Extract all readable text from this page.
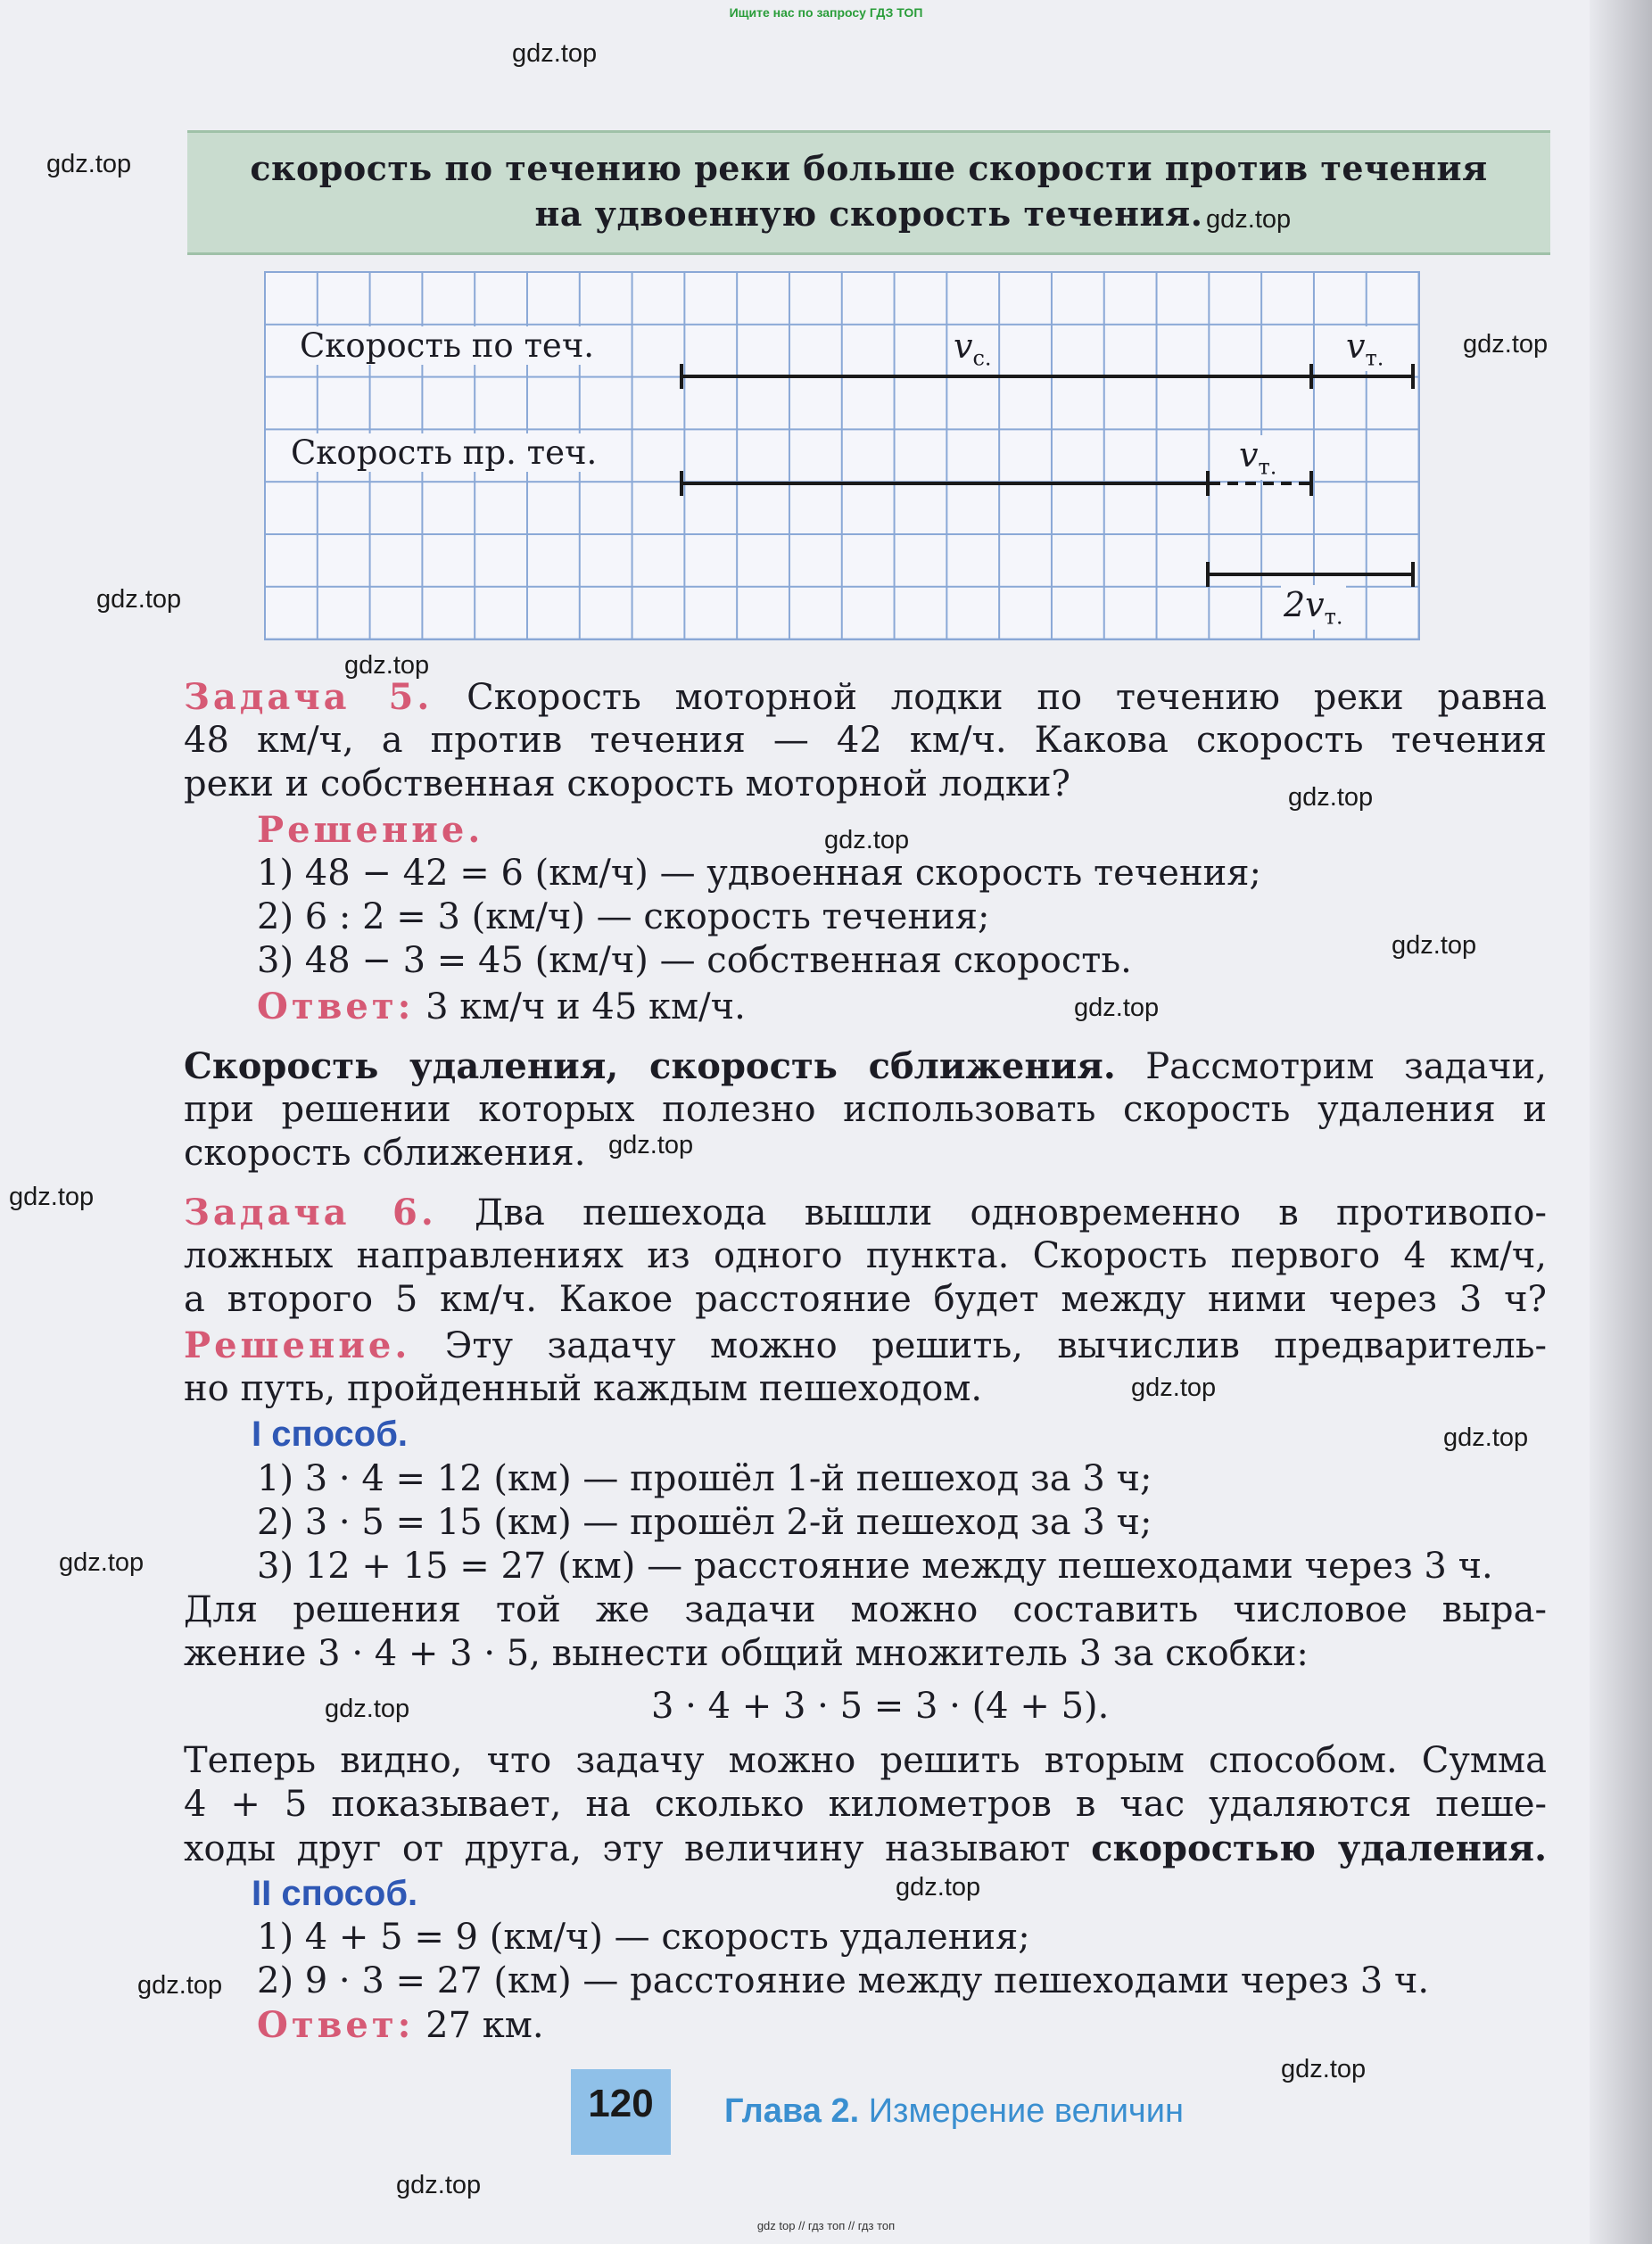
Ищите нас по запросу ГДЗ ТОП
скорость по течению реки больше скорости против течения
на удвоенную скорость течения.
Скорость по теч.
Скорость пр. теч.
$v_{с.}$	$v_{т.}$
$v_{т.}$
$2v_{т.}$
Задача 5. Скорость моторной лодки по течению реки равна
48 км/ч, а против течения — 42 км/ч. Какова скорость течения
реки и собственная скорость моторной лодки?
Решение.
1) 48 − 42 = 6 (км/ч) — удвоенная скорость течения;
2) 6 : 2 = 3 (км/ч) — скорость течения;
3) 48 − 3 = 45 (км/ч) — собственная скорость.
Ответ: 3 км/ч и 45 км/ч.
Скорость удаления, скорость сближения. Рассмотрим задачи,
при решении которых полезно использовать скорость удаления и
скорость сближения.
Задача 6. Два пешехода вышли одновременно в противопо-
ложных направлениях из одного пункта. Скорость первого 4 км/ч,
а второго 5 км/ч. Какое расстояние будет между ними через 3 ч?
Решение. Эту задачу можно решить, вычислив предваритель-
но путь, пройденный каждым пешеходом.
I способ.
1) 3 · 4 = 12 (км) — прошёл 1-й пешеход за 3 ч;
2) 3 · 5 = 15 (км) — прошёл 2-й пешеход за 3 ч;
3) 12 + 15 = 27 (км) — расстояние между пешеходами через 3 ч.
Для решения той же задачи можно составить числовое выра-
жение 3 · 4 + 3 · 5, вынести общий множитель 3 за скобки:
3 · 4 + 3 · 5 = 3 · (4 + 5).
Теперь видно, что задачу можно решить вторым способом. Сумма
4 + 5 показывает, на сколько километров в час удаляются пеше-
ходы друг от друга, эту величину называют скоростью удаления.
II способ.
1) 4 + 5 = 9 (км/ч) — скорость удаления;
2) 9 · 3 = 27 (км) — расстояние между пешеходами через 3 ч.
Ответ: 27 км.
120	Глава 2. Измерение величин
gdz.top
gdz.top
gdz.top
gdz.top
gdz.top
gdz.top
gdz.top
gdz.top
gdz.top
gdz.top
gdz.top
gdz.top
gdz.top
gdz.top
gdz.top
gdz.top
gdz.top
gdz.top
gdz.top
gdz.top
gdz top // гдз топ // гдз топ
